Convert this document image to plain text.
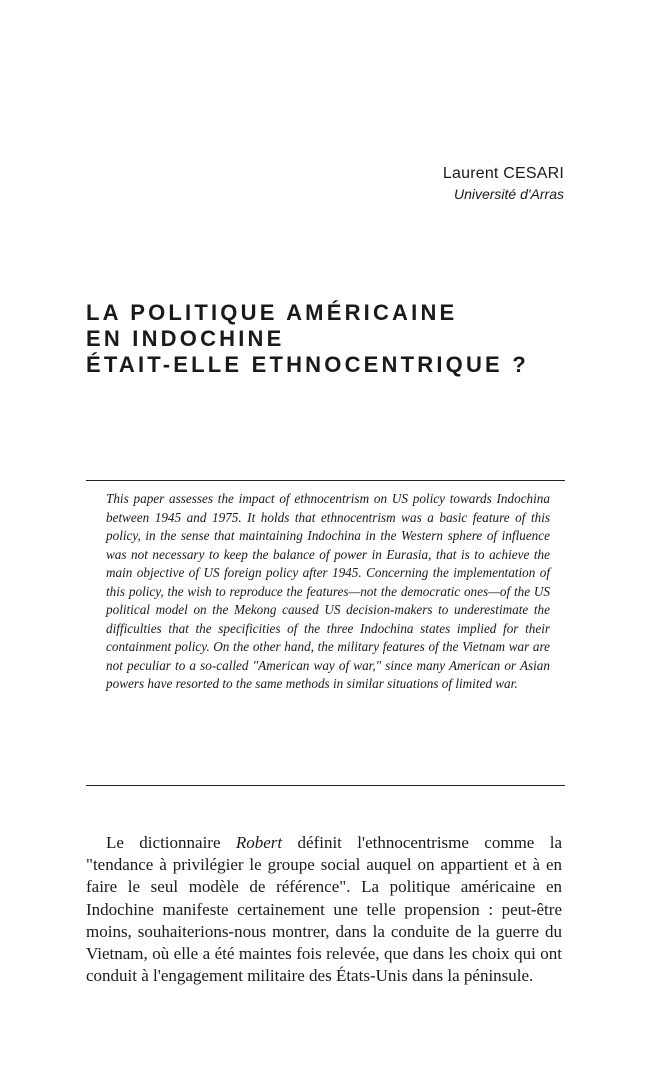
Laurent CESARI
Université d'Arras
LA POLITIQUE AMÉRICAINE
EN INDOCHINE
ÉTAIT-ELLE ETHNOCENTRIQUE ?

This paper assesses the impact of ethnocentrism on US policy towards Indochina between 1945 and 1975. It holds that ethnocentrism was a basic feature of this policy, in the sense that maintaining Indochina in the Western sphere of influence was not necessary to keep the balance of power in Eurasia, that is to achieve the main objective of US foreign policy after 1945. Concerning the implementation of this policy, the wish to reproduce the features—not the democratic ones—of the US political model on the Mekong caused US decision-makers to underestimate the difficulties that the specificities of the three Indochina states implied for their containment policy. On the other hand, the military features of the Vietnam war are not peculiar to a so-called "American way of war," since many American or Asian powers have resorted to the same methods in similar situations of limited war.

Le dictionnaire Robert définit l'ethnocentrisme comme la "tendance à privilégier le groupe social auquel on appartient et à en faire le seul modèle de référence". La politique américaine en Indochine manifeste certainement une telle propension : peut-être moins, souhaiterions-nous montrer, dans la conduite de la guerre du Vietnam, où elle a été maintes fois relevée, que dans les choix qui ont conduit à l'engagement militaire des États-Unis dans la péninsule.
